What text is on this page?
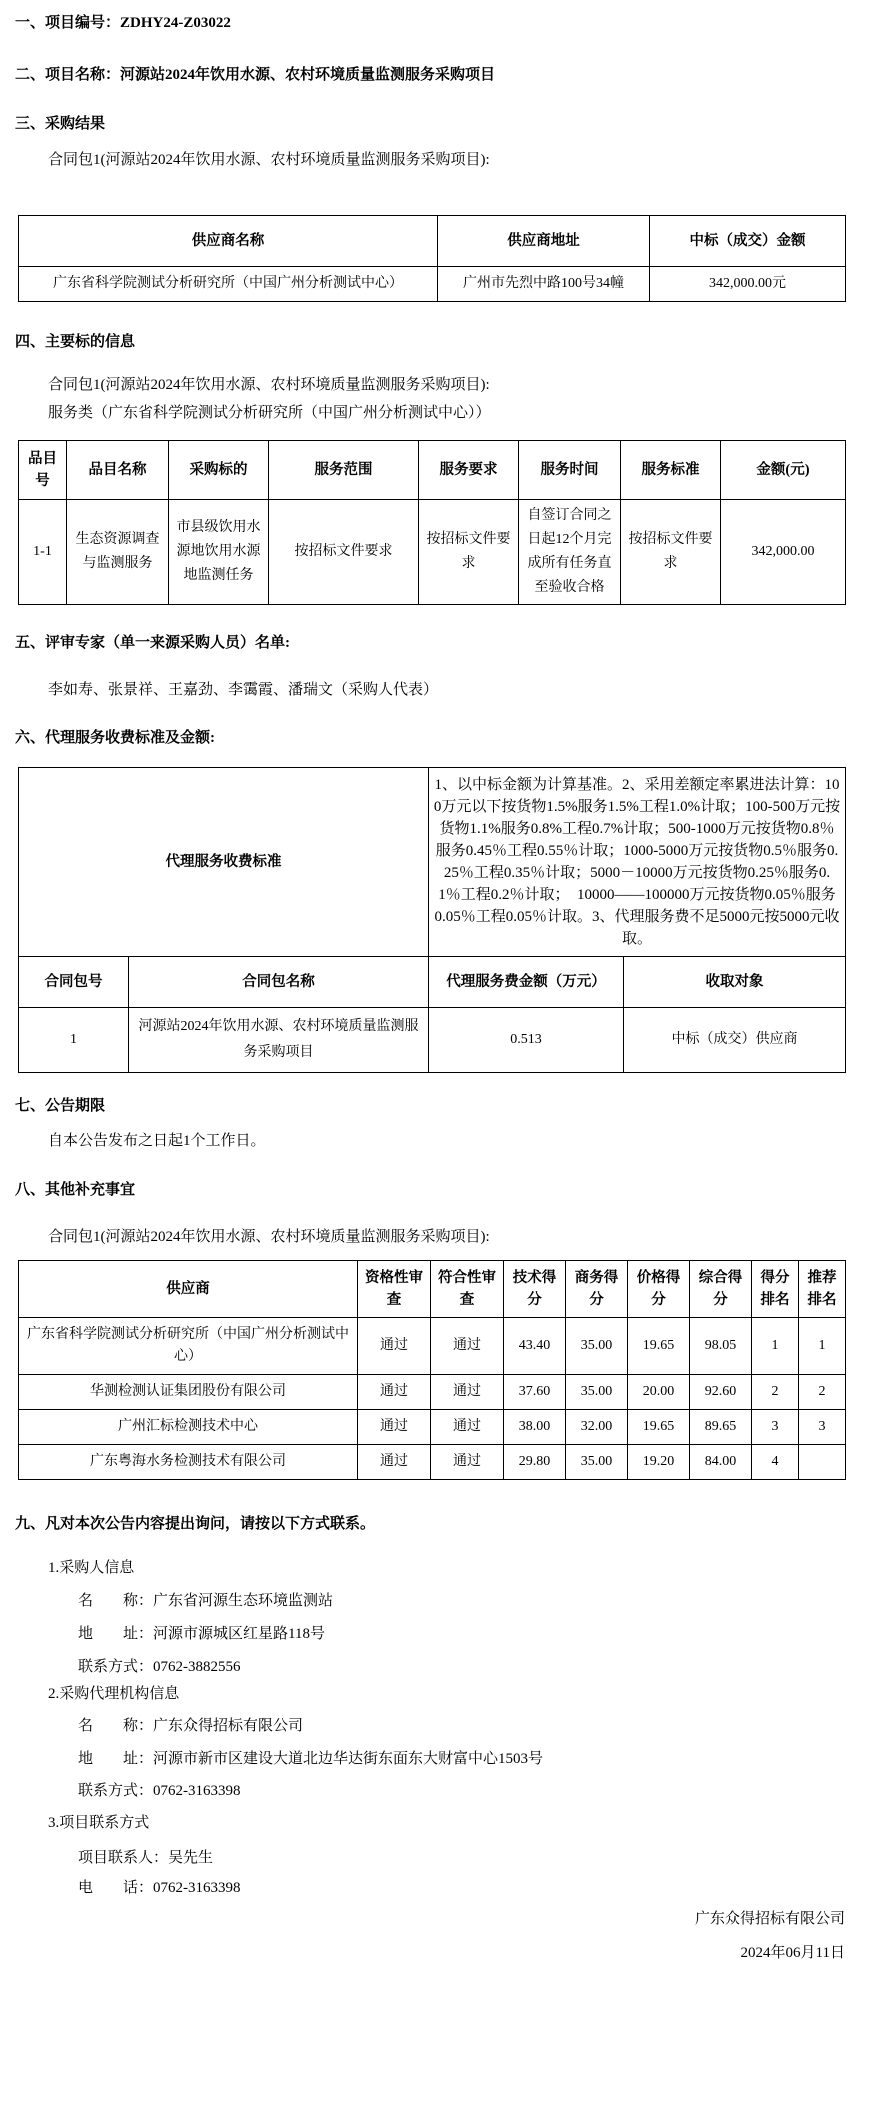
一、项目编号：ZDHY24-Z03022
二、项目名称：河源站2024年饮用水源、农村环境质量监测服务采购项目
三、采购结果
合同包1(河源站2024年饮用水源、农村环境质量监测服务采购项目):
供应商名称	供应商地址	中标（成交）金额
广东省科学院测试分析研究所（中国广州分析测试中心）	广州市先烈中路100号34幢	342,000.00元
四、主要标的信息
合同包1(河源站2024年饮用水源、农村环境质量监测服务采购项目):
服务类（广东省科学院测试分析研究所（中国广州分析测试中心））
品目号	品目名称	采购标的	服务范围	服务要求	服务时间	服务标准	金额(元)
1-1	生态资源调查与监测服务	市县级饮用水源地饮用水源地监测任务	按招标文件要求	按招标文件要求	自签订合同之日起12个月完成所有任务直至验收合格	按招标文件要求	342,000.00
五、评审专家（单一来源采购人员）名单:
李如寿、张景祥、王嘉劲、李霭霞、潘瑞文（采购人代表）
六、代理服务收费标准及金额:
代理服务收费标准		1、以中标金额为计算基准。2、采用差额定率累进法计算：100万元以下按货物1.5%服务1.5%工程1.0%计取；100-500万元按货物1.1%服务0.8%工程0.7%计取；500-1000万元按货物0.8％服务0.45％工程0.55％计取；1000-5000万元按货物0.5％服务0.25％工程0.35％计取；5000－10000万元按货物0.25％服务0.1％工程0.2％计取；　10000——100000万元按货物0.05％服务0.05％工程0.05％计取。3、代理服务费不足5000元按5000元收取。	
合同包号	合同包名称	代理服务费金额（万元）	收取对象
1	河源站2024年饮用水源、农村环境质量监测服务采购项目	0.513	中标（成交）供应商
七、公告期限
自本公告发布之日起1个工作日。
八、其他补充事宜
合同包1(河源站2024年饮用水源、农村环境质量监测服务采购项目):
供应商	资格性审查	符合性审查	技术得分	商务得分	价格得分	综合得分	得分排名	推荐排名
广东省科学院测试分析研究所（中国广州分析测试中心）	通过	通过	43.40	35.00	19.65	98.05	1	1
华测检测认证集团股份有限公司	通过	通过	37.60	35.00	20.00	92.60	2	2
广州汇标检测技术中心	通过	通过	38.00	32.00	19.65	89.65	3	3
广东粤海水务检测技术有限公司	通过	通过	29.80	35.00	19.20	84.00	4	
九、凡对本次公告内容提出询问，请按以下方式联系。
1.采购人信息
名　　称：广东省河源生态环境监测站
地　　址：河源市源城区红星路118号
联系方式：0762-3882556
2.采购代理机构信息
名　　称：广东众得招标有限公司
地　　址：河源市新市区建设大道北边华达街东面东大财富中心1503号
联系方式：0762-3163398
3.项目联系方式
项目联系人：吴先生
电　　话：0762-3163398
广东众得招标有限公司
2024年06月11日
